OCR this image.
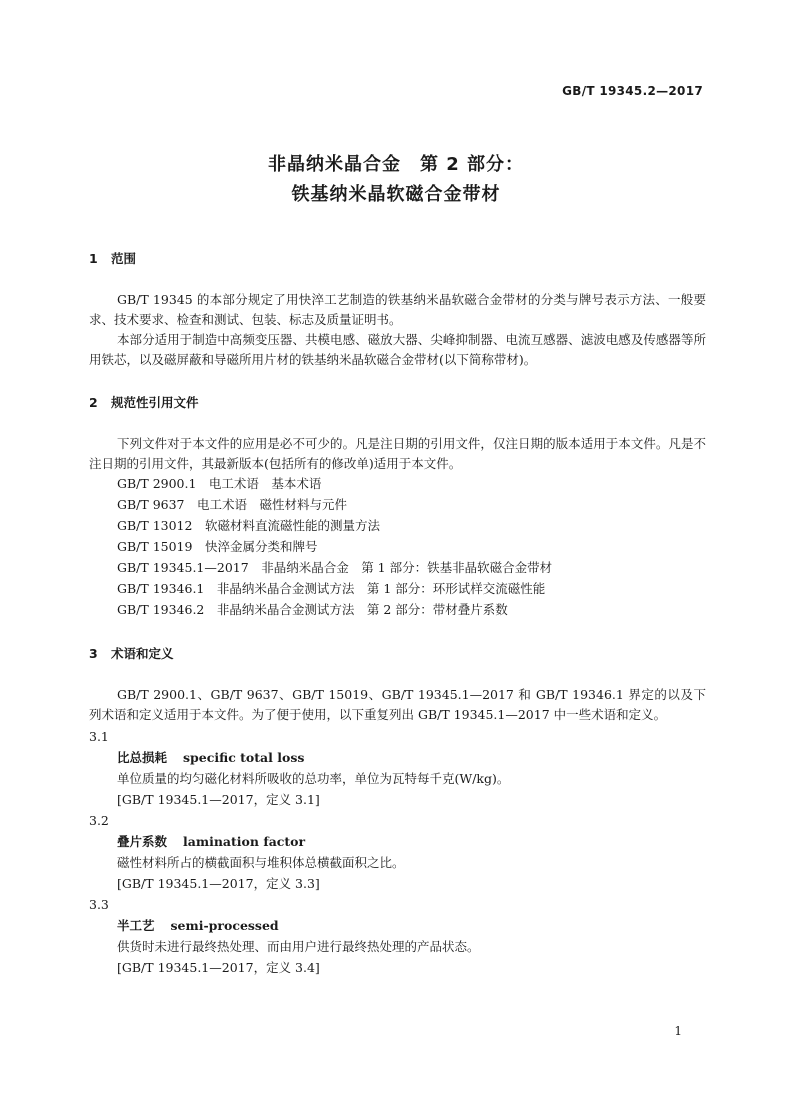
GB/T 19345.2—2017
非晶纳米晶合金　第 2 部分：
铁基纳米晶软磁合金带材
1 范围
GB/T 19345 的本部分规定了用快淬工艺制造的铁基纳米晶软磁合金带材的分类与牌号表示方法、一般要求、技术要求、检查和测试、包装、标志及质量证明书。
本部分适用于制造中高频变压器、共模电感、磁放大器、尖峰抑制器、电流互感器、滤波电感及传感器等所用铁芯，以及磁屏蔽和导磁所用片材的铁基纳米晶软磁合金带材(以下简称带材)。
2 规范性引用文件
下列文件对于本文件的应用是必不可少的。凡是注日期的引用文件，仅注日期的版本适用于本文件。凡是不注日期的引用文件，其最新版本(包括所有的修改单)适用于本文件。
GB/T 2900.1　电工术语　基本术语
GB/T 9637　电工术语　磁性材料与元件
GB/T 13012　软磁材料直流磁性能的测量方法
GB/T 15019　快淬金属分类和牌号
GB/T 19345.1—2017　非晶纳米晶合金　第 1 部分：铁基非晶软磁合金带材
GB/T 19346.1　非晶纳米晶合金测试方法　第 1 部分：环形试样交流磁性能
GB/T 19346.2　非晶纳米晶合金测试方法　第 2 部分：带材叠片系数
3 术语和定义
GB/T 2900.1、GB/T 9637、GB/T 15019、GB/T 19345.1—2017 和 GB/T 19346.1 界定的以及下列术语和定义适用于本文件。为了便于使用，以下重复列出 GB/T 19345.1—2017 中一些术语和定义。
3.1
比总损耗 specific total loss
单位质量的均匀磁化材料所吸收的总功率，单位为瓦特每千克(W/kg)。
[GB/T 19345.1—2017，定义 3.1]
3.2
叠片系数 lamination factor
磁性材料所占的横截面积与堆积体总横截面积之比。
[GB/T 19345.1—2017，定义 3.3]
3.3
半工艺 semi-processed
供货时未进行最终热处理、而由用户进行最终热处理的产品状态。
[GB/T 19345.1—2017，定义 3.4]
1
